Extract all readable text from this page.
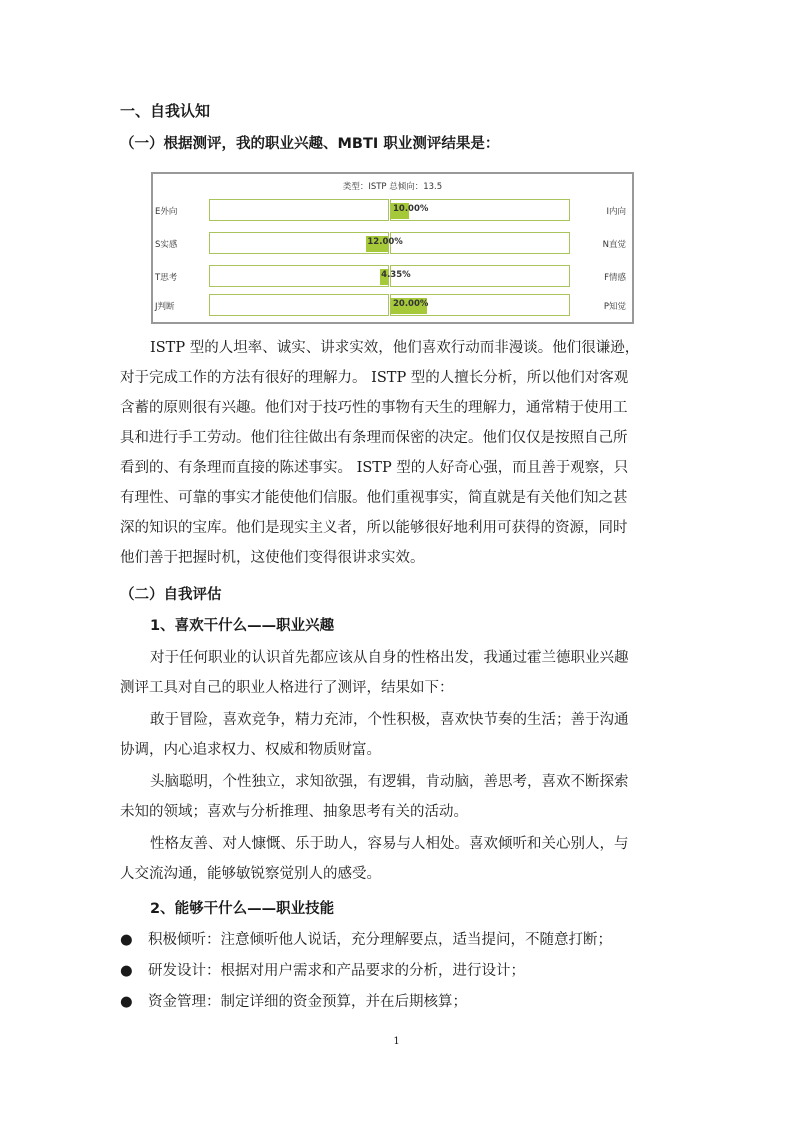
一、自我认知
（一）根据测评，我的职业兴趣、MBTI 职业测评结果是：
类型：ISTP 总倾向：13.5
E外向	10.00%	I内向
S实感	12.00%	N直觉
T思考	4.35%	F情感
J判断	20.00%	P知觉
ISTP 型的人坦率、诚实、讲求实效，他们喜欢行动而非漫谈。他们很谦逊，
对于完成工作的方法有很好的理解力。 ISTP 型的人擅长分析，所以他们对客观
含蓄的原则很有兴趣。他们对于技巧性的事物有天生的理解力，通常精于使用工
具和进行手工劳动。他们往往做出有条理而保密的决定。他们仅仅是按照自己所
看到的、有条理而直接的陈述事实。 ISTP 型的人好奇心强，而且善于观察，只
有理性、可靠的事实才能使他们信服。他们重视事实，简直就是有关他们知之甚
深的知识的宝库。他们是现实主义者，所以能够很好地利用可获得的资源，同时
他们善于把握时机，这使他们变得很讲求实效。
（二）自我评估
1、喜欢干什么——职业兴趣
对于任何职业的认识首先都应该从自身的性格出发，我通过霍兰德职业兴趣
测评工具对自己的职业人格进行了测评，结果如下：
敢于冒险，喜欢竞争，精力充沛，个性积极，喜欢快节奏的生活；善于沟通
协调，内心追求权力、权威和物质财富。
头脑聪明，个性独立，求知欲强，有逻辑，肯动脑，善思考，喜欢不断探索
未知的领域；喜欢与分析推理、抽象思考有关的活动。
性格友善、对人慷慨、乐于助人，容易与人相处。喜欢倾听和关心别人，与
人交流沟通，能够敏锐察觉别人的感受。
2、能够干什么——职业技能
● 积极倾听：注意倾听他人说话，充分理解要点，适当提问，不随意打断；
● 研发设计：根据对用户需求和产品要求的分析，进行设计；
● 资金管理：制定详细的资金预算，并在后期核算；
1
